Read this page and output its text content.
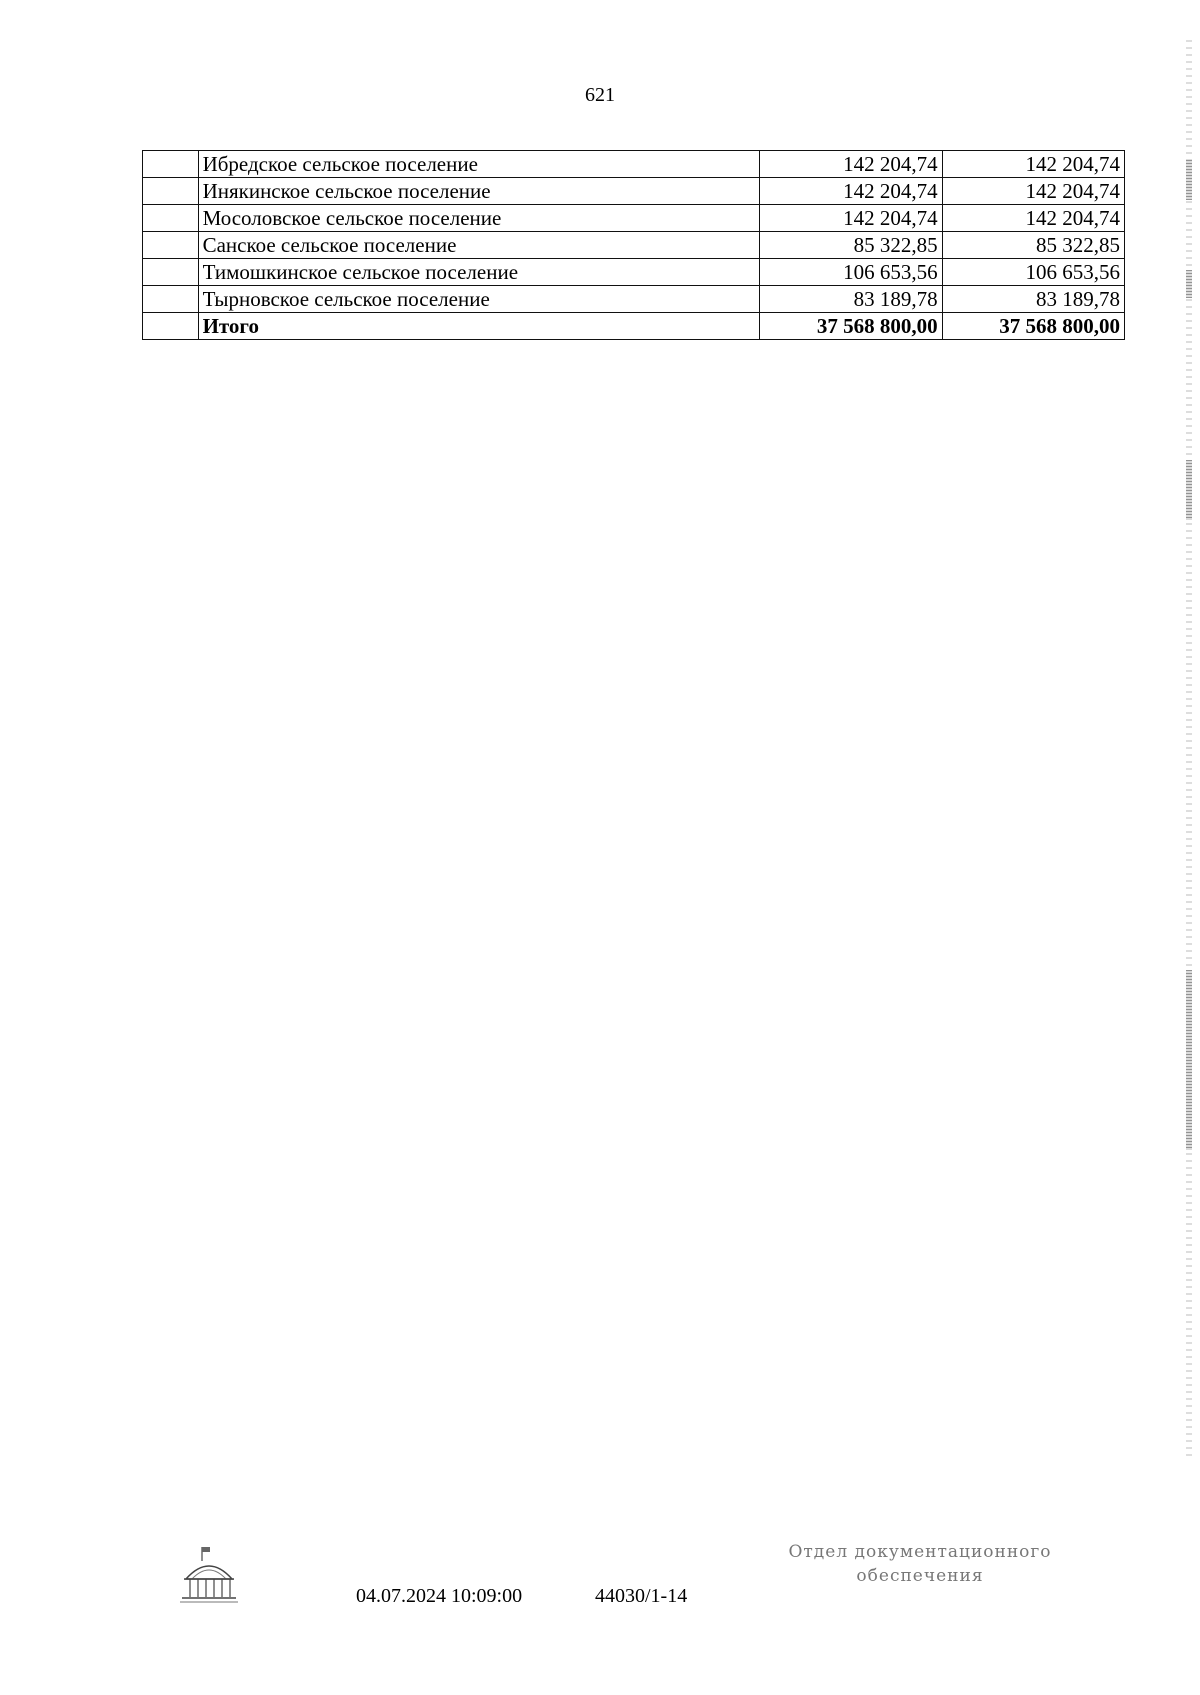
621
	Ибредское сельское поселение	142 204,74	142 204,74
	Инякинское сельское поселение	142 204,74	142 204,74
	Мосоловское сельское поселение	142 204,74	142 204,74
	Санское сельское поселение	85 322,85	85 322,85
	Тимошкинское сельское поселение	106 653,56	106 653,56
	Тырновское сельское поселение	83 189,78	83 189,78
	Итого	37 568 800,00	37 568 800,00
04.07.2024 10:09:00	44030/1-14
Отдел документационного
обеспечения
